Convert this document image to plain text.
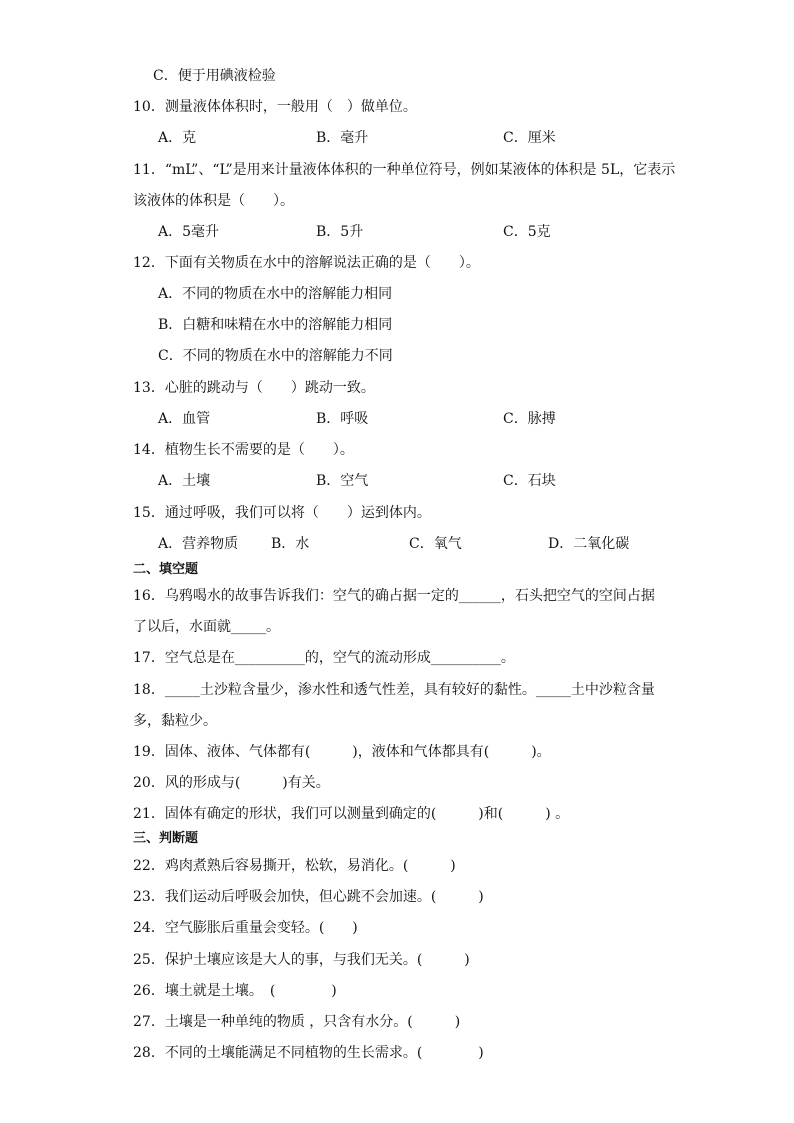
C．便于用碘液检验
10．测量液体体积时，一般用（　）做单位。
A．克	B．毫升	C．厘米
11．“mL”、“L”是用来计量液体体积的一种单位符号，例如某液体的体积是 5L，它表示
该液体的体积是（　　）。
A．5毫升	B．5升	C．5克
12．下面有关物质在水中的溶解说法正确的是（　　）。
A．不同的物质在水中的溶解能力相同
B．白糖和味精在水中的溶解能力相同
C．不同的物质在水中的溶解能力不同
13．心脏的跳动与（　　）跳动一致。
A．血管	B．呼吸	C．脉搏
14．植物生长不需要的是（　　）。
A．土壤	B．空气	C．石块
15．通过呼吸，我们可以将（　　）运到体内。
A．营养物质 B．水	C．氧气	D．二氧化碳
二、填空题
16．乌鸦喝水的故事告诉我们：空气的确占据一定的______，石头把空气的空间占据
了以后，水面就_____。
17．空气总是在__________的，空气的流动形成__________。
18．_____土沙粒含量少，渗水性和透气性差，具有较好的黏性。_____土中沙粒含量
多，黏粒少。
19．固体、液体、气体都有(　　　)，液体和气体都具有(　　　)。
20．风的形成与(　　　)有关。
21．固体有确定的形状，我们可以测量到确定的(　　　)和(　　　) 。
三、判断题
22．鸡肉煮熟后容易撕开，松软，易消化。(　　　)
23．我们运动后呼吸会加快，但心跳不会加速。(　　　)
24．空气膨胀后重量会变轻。(　　)
25．保护土壤应该是大人的事，与我们无关。(　　　)
26．壤土就是土壤。　(　　　　)
27．土壤是一种单纯的物质 ，只含有水分。(　　　)
28．不同的土壤能满足不同植物的生长需求。(　　　　)
